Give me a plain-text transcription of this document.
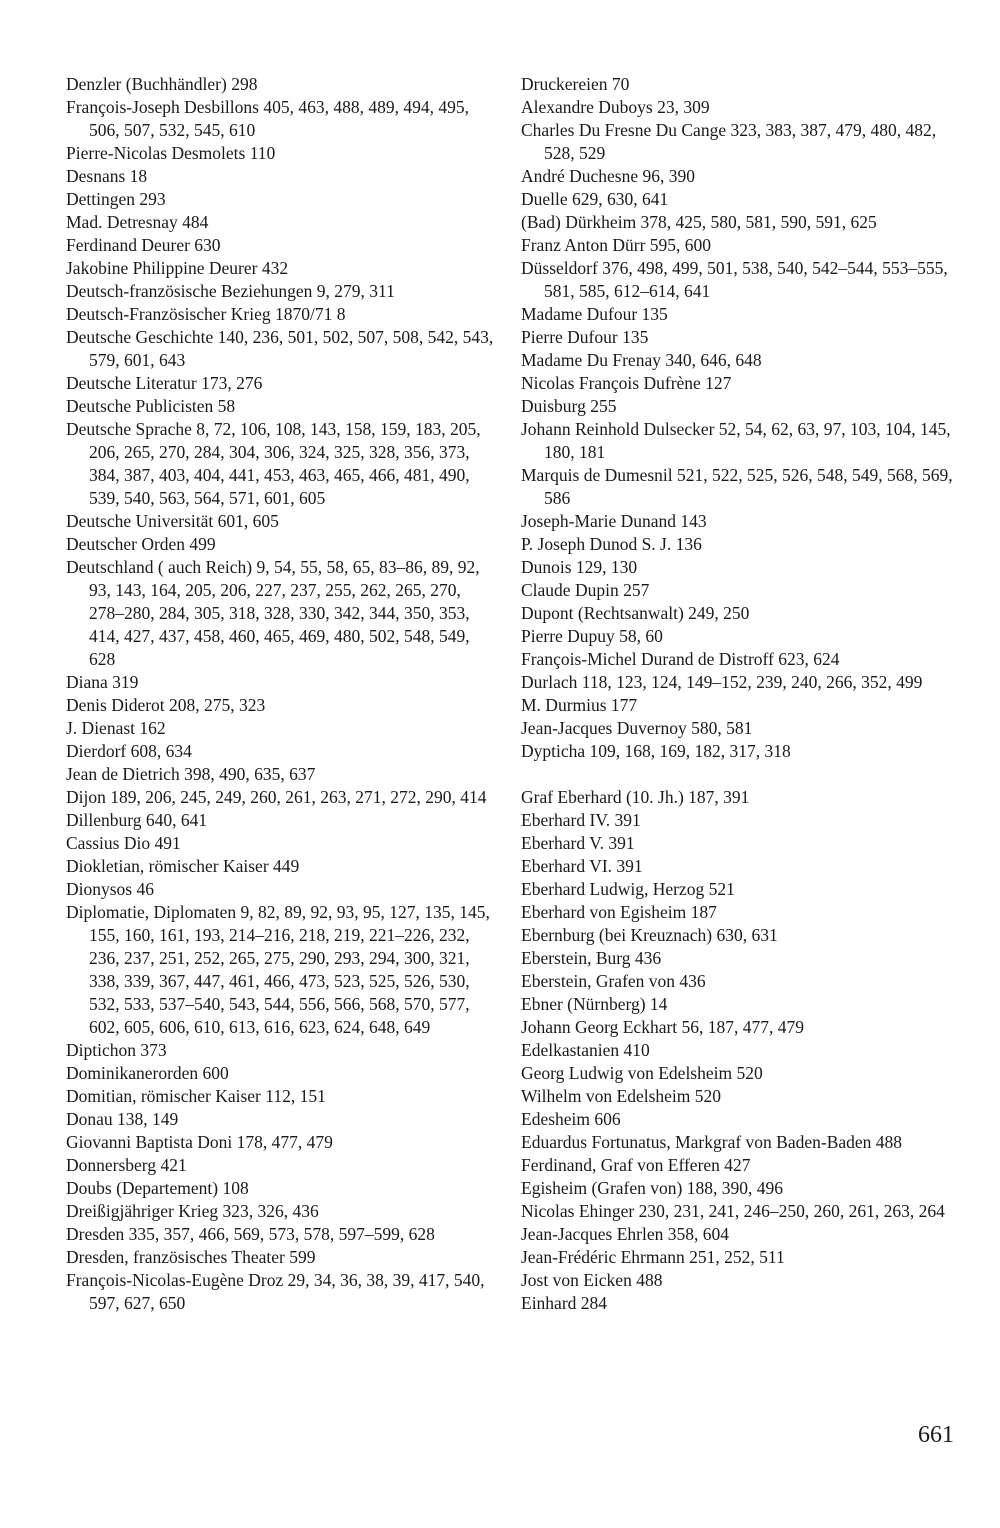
Denzler (Buchhändler) 298

François-Joseph Desbillons 405, 463, 488, 489, 494, 495, 506, 507, 532, 545, 610

Pierre-Nicolas Desmolets 110

Desnans 18

Dettingen 293

Mad. Detresnay 484

Ferdinand Deurer 630

Jakobine Philippine Deurer 432

Deutsch-französische Beziehungen 9, 279, 311

Deutsch-Französischer Krieg 1870/71 8

Deutsche Geschichte 140, 236, 501, 502, 507, 508, 542, 543, 579, 601, 643

Deutsche Literatur 173, 276

Deutsche Publicisten 58

Deutsche Sprache 8, 72, 106, 108, 143, 158, 159, 183, 205, 206, 265, 270, 284, 304, 306, 324, 325, 328, 356, 373, 384, 387, 403, 404, 441, 453, 463, 465, 466, 481, 490, 539, 540, 563, 564, 571, 601, 605

Deutsche Universität 601, 605

Deutscher Orden 499

Deutschland ( auch Reich) 9, 54, 55, 58, 65, 83–86, 89, 92, 93, 143, 164, 205, 206, 227, 237, 255, 262, 265, 270, 278–280, 284, 305, 318, 328, 330, 342, 344, 350, 353, 414, 427, 437, 458, 460, 465, 469, 480, 502, 548, 549, 628

Diana 319

Denis Diderot 208, 275, 323

J. Dienast 162

Dierdorf 608, 634

Jean de Dietrich 398, 490, 635, 637

Dijon 189, 206, 245, 249, 260, 261, 263, 271, 272, 290, 414

Dillenburg 640, 641

Cassius Dio 491

Diokletian, römischer Kaiser 449

Dionysos 46

Diplomatie, Diplomaten 9, 82, 89, 92, 93, 95, 127, 135, 145, 155, 160, 161, 193, 214–216, 218, 219, 221–226, 232, 236, 237, 251, 252, 265, 275, 290, 293, 294, 300, 321, 338, 339, 367, 447, 461, 466, 473, 523, 525, 526, 530, 532, 533, 537–540, 543, 544, 556, 566, 568, 570, 577, 602, 605, 606, 610, 613, 616, 623, 624, 648, 649

Diptichon 373

Dominikanerorden 600

Domitian, römischer Kaiser 112, 151

Donau 138, 149

Giovanni Baptista Doni 178, 477, 479

Donnersberg 421

Doubs (Departement) 108

Dreißigjähriger Krieg 323, 326, 436

Dresden 335, 357, 466, 569, 573, 578, 597–599, 628

Dresden, französisches Theater 599

François-Nicolas-Eugène Droz 29, 34, 36, 38, 39, 417, 540, 597, 627, 650

Druckereien 70

Alexandre Duboys 23, 309

Charles Du Fresne Du Cange 323, 383, 387, 479, 480, 482, 528, 529

André Duchesne 96, 390

Duelle 629, 630, 641

(Bad) Dürkheim 378, 425, 580, 581, 590, 591, 625

Franz Anton Dürr 595, 600

Düsseldorf 376, 498, 499, 501, 538, 540, 542–544, 553–555, 581, 585, 612–614, 641

Madame Dufour 135

Pierre Dufour 135

Madame Du Frenay 340, 646, 648

Nicolas François Dufrène 127

Duisburg 255

Johann Reinhold Dulsecker 52, 54, 62, 63, 97, 103, 104, 145, 180, 181

Marquis de Dumesnil 521, 522, 525, 526, 548, 549, 568, 569, 586

Joseph-Marie Dunand 143

P. Joseph Dunod S. J. 136

Dunois 129, 130

Claude Dupin 257

Dupont (Rechtsanwalt) 249, 250

Pierre Dupuy 58, 60

François-Michel Durand de Distroff 623, 624

Durlach 118, 123, 124, 149–152, 239, 240, 266, 352, 499

M. Durmius 177

Jean-Jacques Duvernoy 580, 581

Dypticha 109, 168, 169, 182, 317, 318

Graf Eberhard (10. Jh.) 187, 391

Eberhard IV. 391

Eberhard V. 391

Eberhard VI. 391

Eberhard Ludwig, Herzog 521

Eberhard von Egisheim 187

Ebernburg (bei Kreuznach) 630, 631

Eberstein, Burg 436

Eberstein, Grafen von 436

Ebner (Nürnberg) 14

Johann Georg Eckhart 56, 187, 477, 479

Edelkastanien 410

Georg Ludwig von Edelsheim 520

Wilhelm von Edelsheim 520

Edesheim 606

Eduardus Fortunatus, Markgraf von Baden-Baden 488

Ferdinand, Graf von Efferen 427

Egisheim (Grafen von) 188, 390, 496

Nicolas Ehinger 230, 231, 241, 246–250, 260, 261, 263, 264

Jean-Jacques Ehrlen 358, 604

Jean-Frédéric Ehrmann 251, 252, 511

Jost von Eicken 488

Einhard 284

661
